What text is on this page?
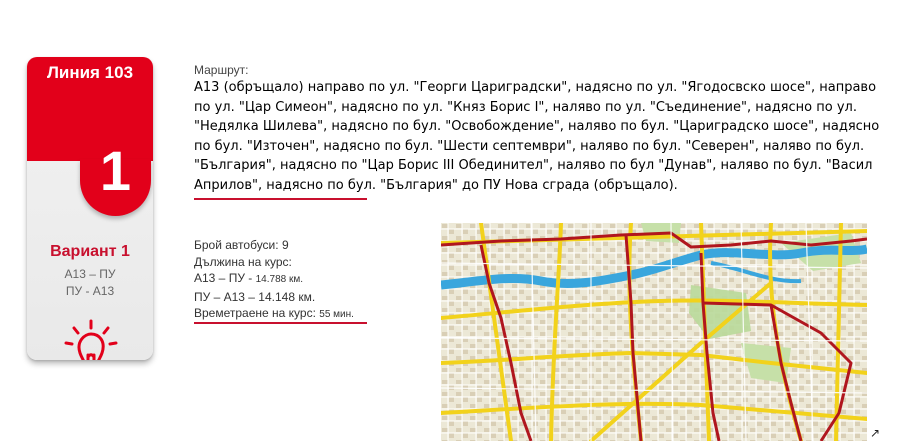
Линия 103
1
Вариант 1
А13 – ПУ
ПУ - А13
Маршрут:
А13 (обръщало) направо по ул. "Георги Цариградски", надясно по ул. "Ягодосвско шосе", направо по ул. "Цар Симеон", надясно по ул. "Княз Борис I", наляво по ул. "Съединение", надясно по ул. "Недялка Шилева", надясно по бул. "Освобождение", наляво по бул. "Цариградско шосе", надясно по бул. "Източен", надясно по бул. "Шести септември", наляво по бул. "Северен", наляво по бул. "България", надясно по "Цар Борис III Обединител", наляво по бул "Дунав", наляво по бул. "Васил Априлов", надясно по бул. "България" до ПУ Нова сграда (обръщало).
Брой автобуси: 9
Дължина на курс:
А13 – ПУ - 14.788 км.
ПУ – А13 – 14.148 км.
Времетраене на курс: 55 мин.
↗
